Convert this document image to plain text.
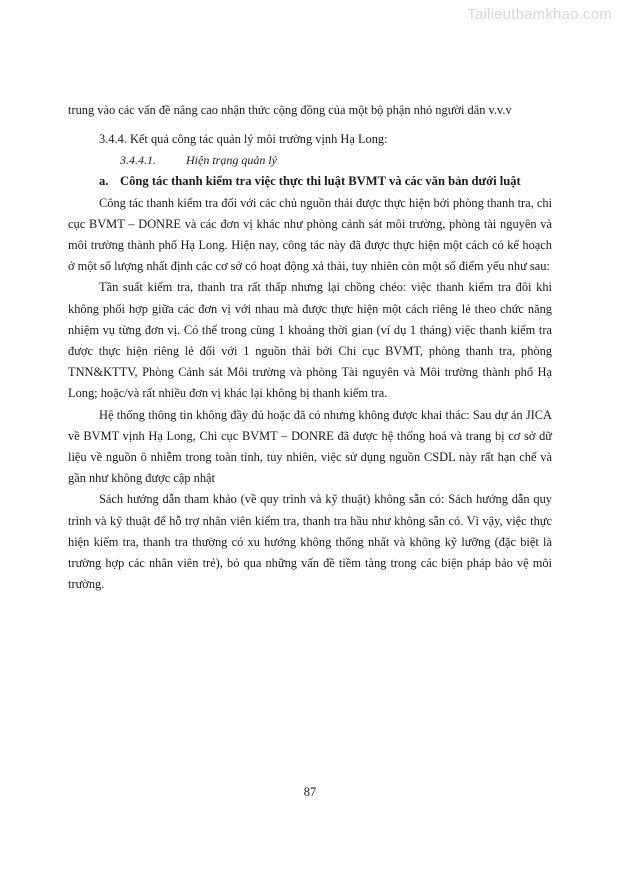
Tailieuthamkhao.com

trung vào các vấn đề nâng cao nhận thức cộng đồng của một bộ phận nhỏ người dân v.v.v

3.4.4. Kết quả công tác quản lý môi trường vịnh Hạ Long:
3.4.4.1.          Hiện trạng quản lý
a. Công tác thanh kiểm tra việc thực thi luật BVMT và các văn bản dưới luật

Công tác thanh kiểm tra đối với các chủ nguồn thải được thực hiện bởi phòng thanh tra, chi cục BVMT – DONRE và các đơn vị khác như phòng cảnh sát môi trường, phòng tài nguyên và môi trường thành phố Hạ Long. Hiện nay, công tác này đã được thực hiện một cách có kế hoạch ở một số lượng nhất định các cơ sở có hoạt động xả thải, tuy nhiên còn một số điểm yếu như sau:

Tần suất kiểm tra, thanh tra rất thấp nhưng lại chồng chéo: việc thanh kiểm tra đôi khi không phối hợp giữa các đơn vị với nhau mà được thực hiện một cách riêng lẻ theo chức năng nhiệm vụ từng đơn vị. Có thể trong cùng 1 khoảng thời gian (ví dụ 1 tháng) việc thanh kiểm tra được thực hiện riêng lẻ đối với 1 nguồn thải bởi Chi cục BVMT, phòng thanh tra, phòng TNN&KTTV, Phòng Cảnh sát Môi trường và phòng Tài nguyên và Môi trường thành phố Hạ Long; hoặc/và rất nhiều đơn vị khác lại không bị thanh kiểm tra.

Hệ thống thông tin không đầy đủ hoặc đã có nhưng không được khai thác: Sau dự án JICA về BVMT vịnh Hạ Long, Chi cục BVMT – DONRE đã được hệ thống hoá và trang bị cơ sở dữ liệu về nguồn ô nhiễm trong toàn tỉnh, tuy nhiên, việc sử dụng nguồn CSDL này rất hạn chế và gần như không được cập nhật

Sách hướng dẫn tham khảo (về quy trình và kỹ thuật) không sẵn có: Sách hướng dẫn quy trình và kỹ thuật để hỗ trợ nhân viên kiểm tra, thanh tra hầu như không sẵn có. Vì vậy, việc thực hiện kiểm tra, thanh tra thường có xu hướng không thống nhất và không kỹ lưỡng (đặc biệt là trường hợp các nhân viên trẻ), bỏ qua những vấn đề tiềm tàng trong các biện pháp bảo vệ môi trường.

87
